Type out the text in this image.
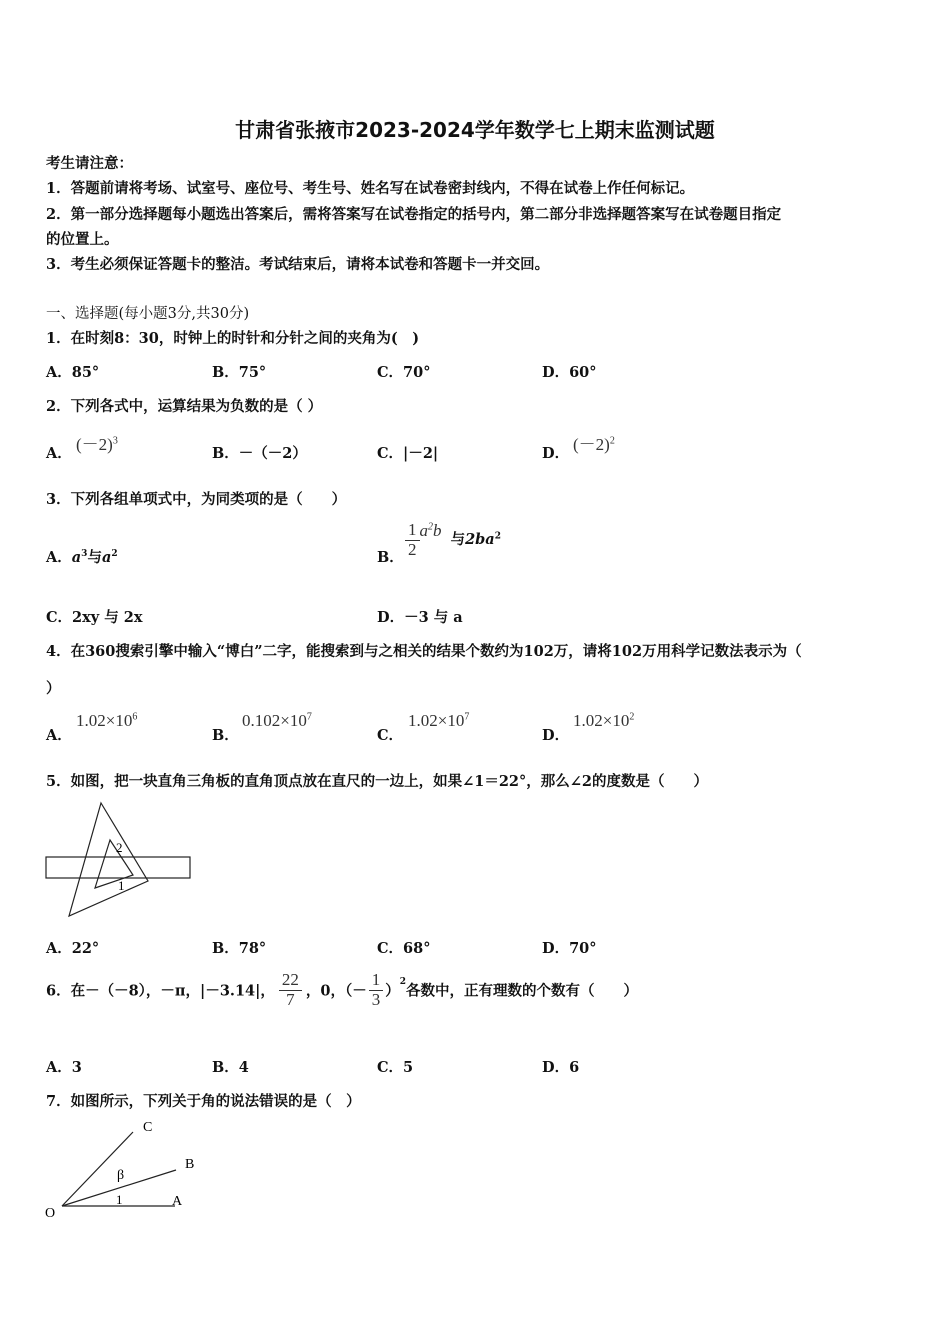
甘肃省张掖市2023-2024学年数学七上期末监测试题
考生请注意：
1．答题前请将考场、试室号、座位号、考生号、姓名写在试卷密封线内，不得在试卷上作任何标记。
2．第一部分选择题每小题选出答案后，需将答案写在试卷指定的括号内，第二部分非选择题答案写在试卷题目指定
的位置上。
3．考生必须保证答题卡的整洁。考试结束后，请将本试卷和答题卡一并交回。
一、选择题(每小题3分,共30分)
1．在时刻8：30，时钟上的时针和分针之间的夹角为(　)
A．85°	B．75°	C．70°	D．60°
2．下列各式中，运算结果为负数的是（ ）
A． $(-2)^3$
B．－（－2）	C．|－2|	D． $(-2)^2$
3．下列各组单项式中，为同类项的是（　　）
A．$a^3$与$a^2$	B． $\frac{1}{2} a^2b$ 与$2ba^2$
C．2xy 与 2x	D．－3 与 a
4．在360搜索引擎中输入“博白”二字，能搜索到与之相关的结果个数约为102万，请将102万用科学记数法表示为（
）
A．
$1.02\times 10^6$
B．
$0.102\times 10^7$
C．
$1.02\times 10^7$
D．
$1.02\times 10^2$
5．如图，把一块直角三角板的直角顶点放在直尺的一边上，如果∠1＝22°，那么∠2的度数是（　　）
2
1
A．22°	B．78°	C．68°	D．70°
6．在－（－8），－π，|－3.14|， $\frac{22}{7}$ ，0，（－ $\frac{1}{3} )^2$各数中，正有理数的个数有（　　）
A．3	B．4	C．5	D．6
7．如图所示，下列关于角的说法错误的是（　）
O
A
B
C
β
1
